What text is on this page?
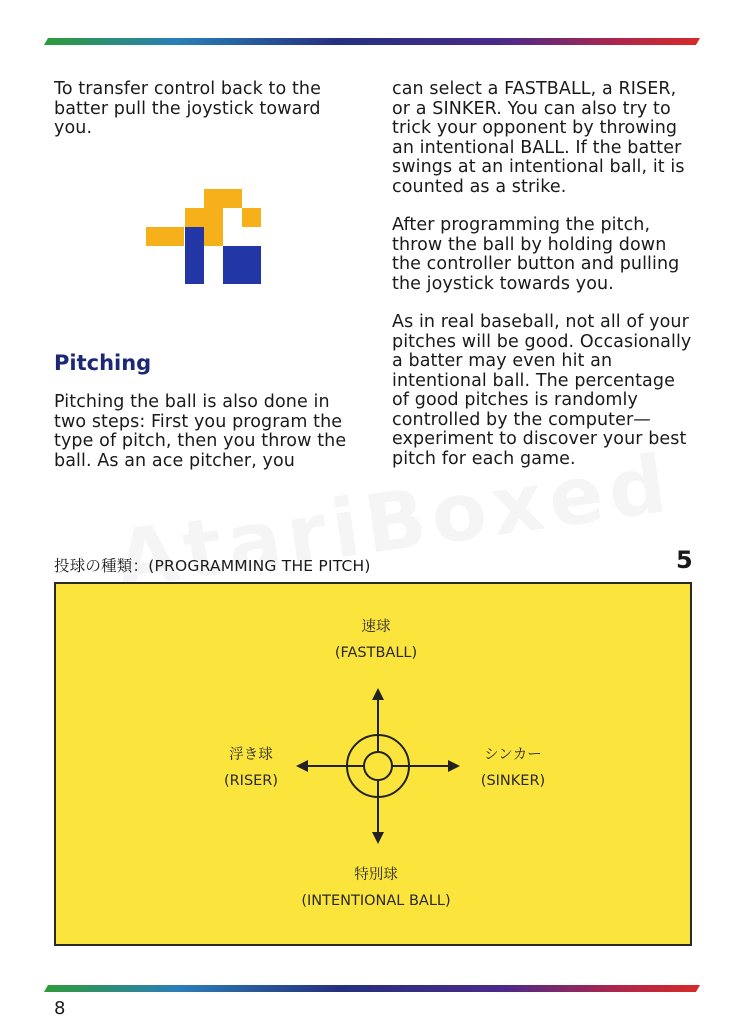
To transfer control back to the batter pull the joystick toward you.

Pitching

Pitching the ball is also done in two steps: First you program the type of pitch, then you throw the ball. As an ace pitcher, you

can select a FASTBALL, a RISER, or a SINKER. You can also try to trick your opponent by throwing an intentional BALL. If the batter swings at an intentional ball, it is counted as a strike.

After programming the pitch, throw the ball by holding down the controller button and pulling the joystick towards you.

As in real baseball, not all of your pitches will be good. Occasionally a batter may even hit an intentional ball. The percentage of good pitches is randomly controlled by the computer—experiment to discover your best pitch for each game.

投球の種類：(PROGRAMMING THE PITCH)	5
速球
(FASTBALL)
浮き球
(RISER)
シンカー
(SINKER)
特別球
(INTENTIONAL BALL)
8
